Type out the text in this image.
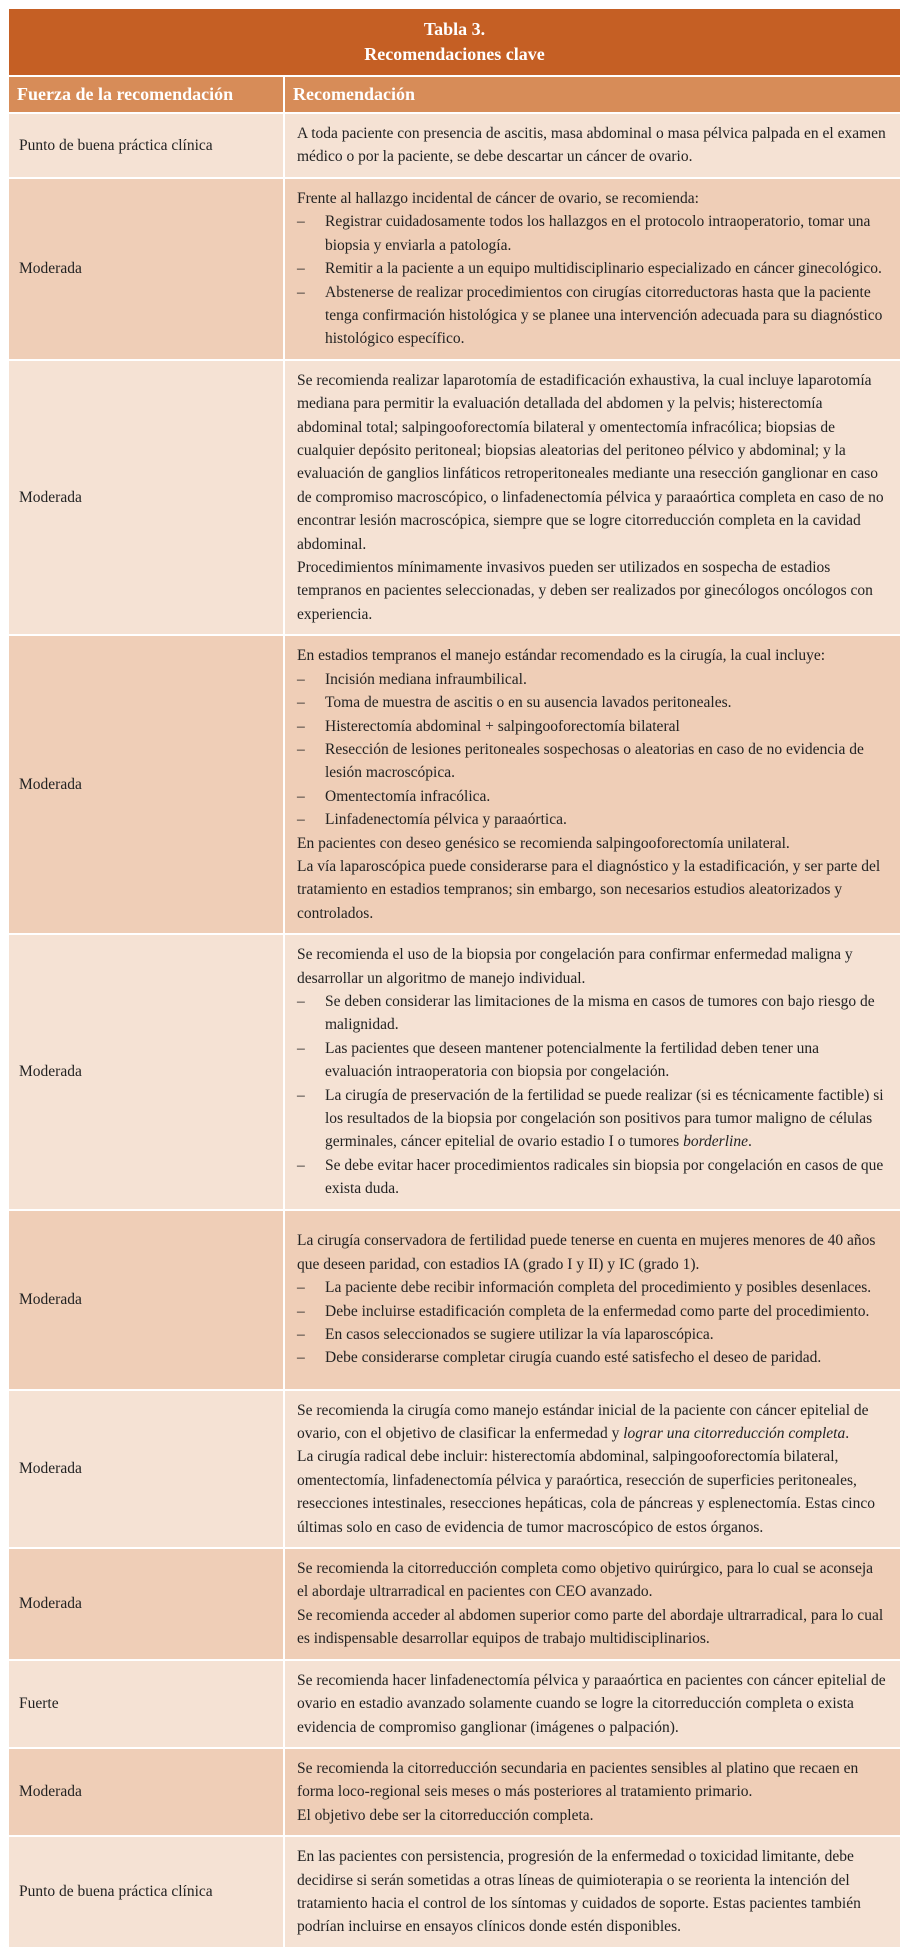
Tabla 3.
Recomendaciones clave
Fuerza de la recomendación	Recomendación
Punto de buena práctica clínica
A toda paciente con presencia de ascitis, masa abdominal o masa pélvica palpada en el examen médico o por la paciente, se debe descartar un cáncer de ovario.
Moderada
Frente al hallazgo incidental de cáncer de ovario, se recomienda:
–	Registrar cuidadosamente todos los hallazgos en el protocolo intraoperatorio, tomar una biopsia y enviarla a patología.
–	Remitir a la paciente a un equipo multidisciplinario especializado en cáncer ginecológico.
–	Abstenerse de realizar procedimientos con cirugías citorreductoras hasta que la paciente tenga confirmación histológica y se planee una intervención adecuada para su diagnóstico histológico específico.
Moderada
Se recomienda realizar laparotomía de estadificación exhaustiva, la cual incluye laparotomía mediana para permitir la evaluación detallada del abdomen y la pelvis; histerectomía abdominal total; salpingooforectomía bilateral y omentectomía infracólica; biopsias de cualquier depósito peritoneal; biopsias aleatorias del peritoneo pélvico y abdominal; y la evaluación de ganglios linfáticos retroperitoneales mediante una resección ganglionar en caso de compromiso macroscópico, o linfadenectomía pélvica y paraaórtica completa en caso de no encontrar lesión macroscópica, siempre que se logre citorreducción completa en la cavidad abdominal.
Procedimientos mínimamente invasivos pueden ser utilizados en sospecha de estadios tempranos en pacientes seleccionadas, y deben ser realizados por ginecólogos oncólogos con experiencia.
Moderada
En estadios tempranos el manejo estándar recomendado es la cirugía, la cual incluye:
–	Incisión mediana infraumbilical.
–	Toma de muestra de ascitis o en su ausencia lavados peritoneales.
–	Histerectomía abdominal + salpingooforectomía bilateral
–	Resección de lesiones peritoneales sospechosas o aleatorias en caso de no evidencia de lesión macroscópica.
–	Omentectomía infracólica.
–	Linfadenectomía pélvica y paraaórtica.
En pacientes con deseo genésico se recomienda salpingooforectomía unilateral.
La vía laparoscópica puede considerarse para el diagnóstico y la estadificación, y ser parte del tratamiento en estadios tempranos; sin embargo, son necesarios estudios aleatorizados y controlados.
Moderada
Se recomienda el uso de la biopsia por congelación para confirmar enfermedad maligna y desarrollar un algoritmo de manejo individual.
–	Se deben considerar las limitaciones de la misma en casos de tumores con bajo riesgo de malignidad.
–	Las pacientes que deseen mantener potencialmente la fertilidad deben tener una evaluación intraoperatoria con biopsia por congelación.
–	La cirugía de preservación de la fertilidad se puede realizar (si es técnicamente factible) si los resultados de la biopsia por congelación son positivos para tumor maligno de células germinales, cáncer epitelial de ovario estadio I o tumores borderline.
–	Se debe evitar hacer procedimientos radicales sin biopsia por congelación en casos de que exista duda.
Moderada
La cirugía conservadora de fertilidad puede tenerse en cuenta en mujeres menores de 40 años que deseen paridad, con estadios IA (grado I y II) y IC (grado 1).
–	La paciente debe recibir información completa del procedimiento y posibles desenlaces.
–	Debe incluirse estadificación completa de la enfermedad como parte del procedimiento.
–	En casos seleccionados se sugiere utilizar la vía laparoscópica.
–	Debe considerarse completar cirugía cuando esté satisfecho el deseo de paridad.
Moderada
Se recomienda la cirugía como manejo estándar inicial de la paciente con cáncer epitelial de ovario, con el objetivo de clasificar la enfermedad y lograr una citorreducción completa.
La cirugía radical debe incluir: histerectomía abdominal, salpingooforectomía bilateral, omentectomía, linfadenectomía pélvica y paraórtica, resección de superficies peritoneales, resecciones intestinales, resecciones hepáticas, cola de páncreas y esplenectomía. Estas cinco últimas solo en caso de evidencia de tumor macroscópico de estos órganos.
Moderada
Se recomienda la citorreducción completa como objetivo quirúrgico, para lo cual se aconseja el abordaje ultrarradical en pacientes con CEO avanzado.
Se recomienda acceder al abdomen superior como parte del abordaje ultrarradical, para lo cual es indispensable desarrollar equipos de trabajo multidisciplinarios.
Fuerte
Se recomienda hacer linfadenectomía pélvica y paraaórtica en pacientes con cáncer epitelial de ovario en estadio avanzado solamente cuando se logre la citorreducción completa o exista evidencia de compromiso ganglionar (imágenes o palpación).
Moderada
Se recomienda la citorreducción secundaria en pacientes sensibles al platino que recaen en forma loco-regional seis meses o más posteriores al tratamiento primario.
El objetivo debe ser la citorreducción completa.
Punto de buena práctica clínica
En las pacientes con persistencia, progresión de la enfermedad o toxicidad limitante, debe decidirse si serán sometidas a otras líneas de quimioterapia o se reorienta la intención del tratamiento hacia el control de los síntomas y cuidados de soporte. Estas pacientes también podrían incluirse en ensayos clínicos donde estén disponibles.
